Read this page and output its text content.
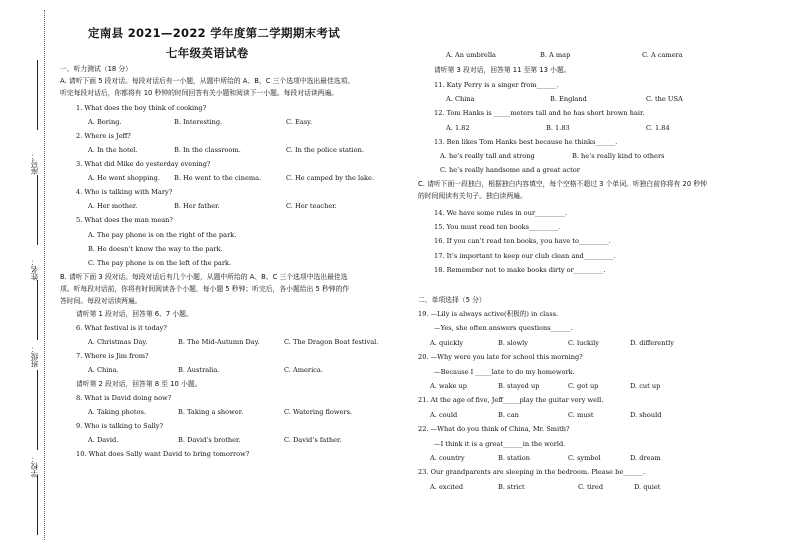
座号：
姓名：
班级：
学校：
定南县 2021—2022 学年度第二学期期末考试
七年级英语试卷
一、听力测试（18 分）
A. 请听下面 5 段对话。每段对话后有一小题，从题中所给的 A、B、C 三个选项中选出最佳选项。
听完每段对话后，你都将有 10 秒钟的时间回答有关小题和阅读下一小题。每段对话读两遍。
1. What does the boy think of cooking?
A. Boring.	B. Interesting.	C. Easy.
2. Where is Jeff?
A. In the hotel.	B. In the classroom.	C. In the police station.
3. What did Mike do yesterday evening?
A. He went shopping. B. He went to the cinema.	C. He camped by the lake.
4. Who is talking with Mary?
A. Her mother.	B. Her father.	C. Her teacher.
5. What does the man mean?
A. The pay phone is on the right of the park.
B. He doesn’t know the way to the park.
C. The pay phone is on the left of the park.
B. 请听下面 3 段对话。每段对话后有几个小题，从题中所给的 A、B、C 三个选项中选出最佳选
项。听每段对话前，你将有时间阅读各个小题，每小题 5 秒钟；听完后，各小题给出 5 秒钟的作
答时间。每段对话读两遍。
请听第 1 段对话，回答第 6、7 小题。
6. What festival is it today?
A. Christmas Day.	B. The Mid-Autumn Day.	C. The Dragon Boat festival.
7. Where is Jim from?
A. China.	B. Australia.	C. America.
请听第 2 段对话，回答第 8 至 10 小题。
8. What is David doing now?
A. Taking photos.	B. Taking a shower.	C. Watering flowers.
9. Who is talking to Sally?
A. David.	B. David’s brother.	C. David’s father.
10. What does Sally want David to bring tomorrow?
A. An umbrella	B. A map	C. A camera
请听第 3 段对话，回答第 11 至第 13 小题。
11. Katy Perry is a singer from______.
A. China	B. England	C. the USA
12. Tom Hanks is _____meters tall and he has short brown hair.
A. 1.82	B. 1.83	C. 1.84
13. Ben likes Tom Hanks best because he thinks______.
A. he’s really tall and strong	B. he’s really kind to others
C. he’s really handsome and a great actor
C. 请听下面一段独白，根据独白内容填空，每个空格不超过 3 个单词。听独白前你将有 20 秒钟
的时间阅读有关句子。独白读两遍。
14. We have some rules in our_________.
15. You must read ten books_________.
16. If you can’t read ten books, you have to_________.
17. It’s important to keep our club clean and_________.
18. Remember not to make books dirty or_________.
二、单项选择（5 分）
19. —Lily is always active(积极的) in class.
—Yes, she often answers questions______.
A. quickly	B. slowly	C. luckily	D. differently
20. —Why were you late for school this morning?
—Because I _____late to do my homework.
A. wake up	B. stayed up	C. got up	D. cut up
21. At the age of five, Jeff_____play the guitar very well.
A. could	B. can	C. must	D. should
22. —What do you think of China, Mr. Smith?
—I think it is a great______in the world.
A. country	B. station	C. symbol	D. dream
23. Our grandparents are sleeping in the bedroom. Please be______.
A. excited	B. strict	C. tired	D. quiet
